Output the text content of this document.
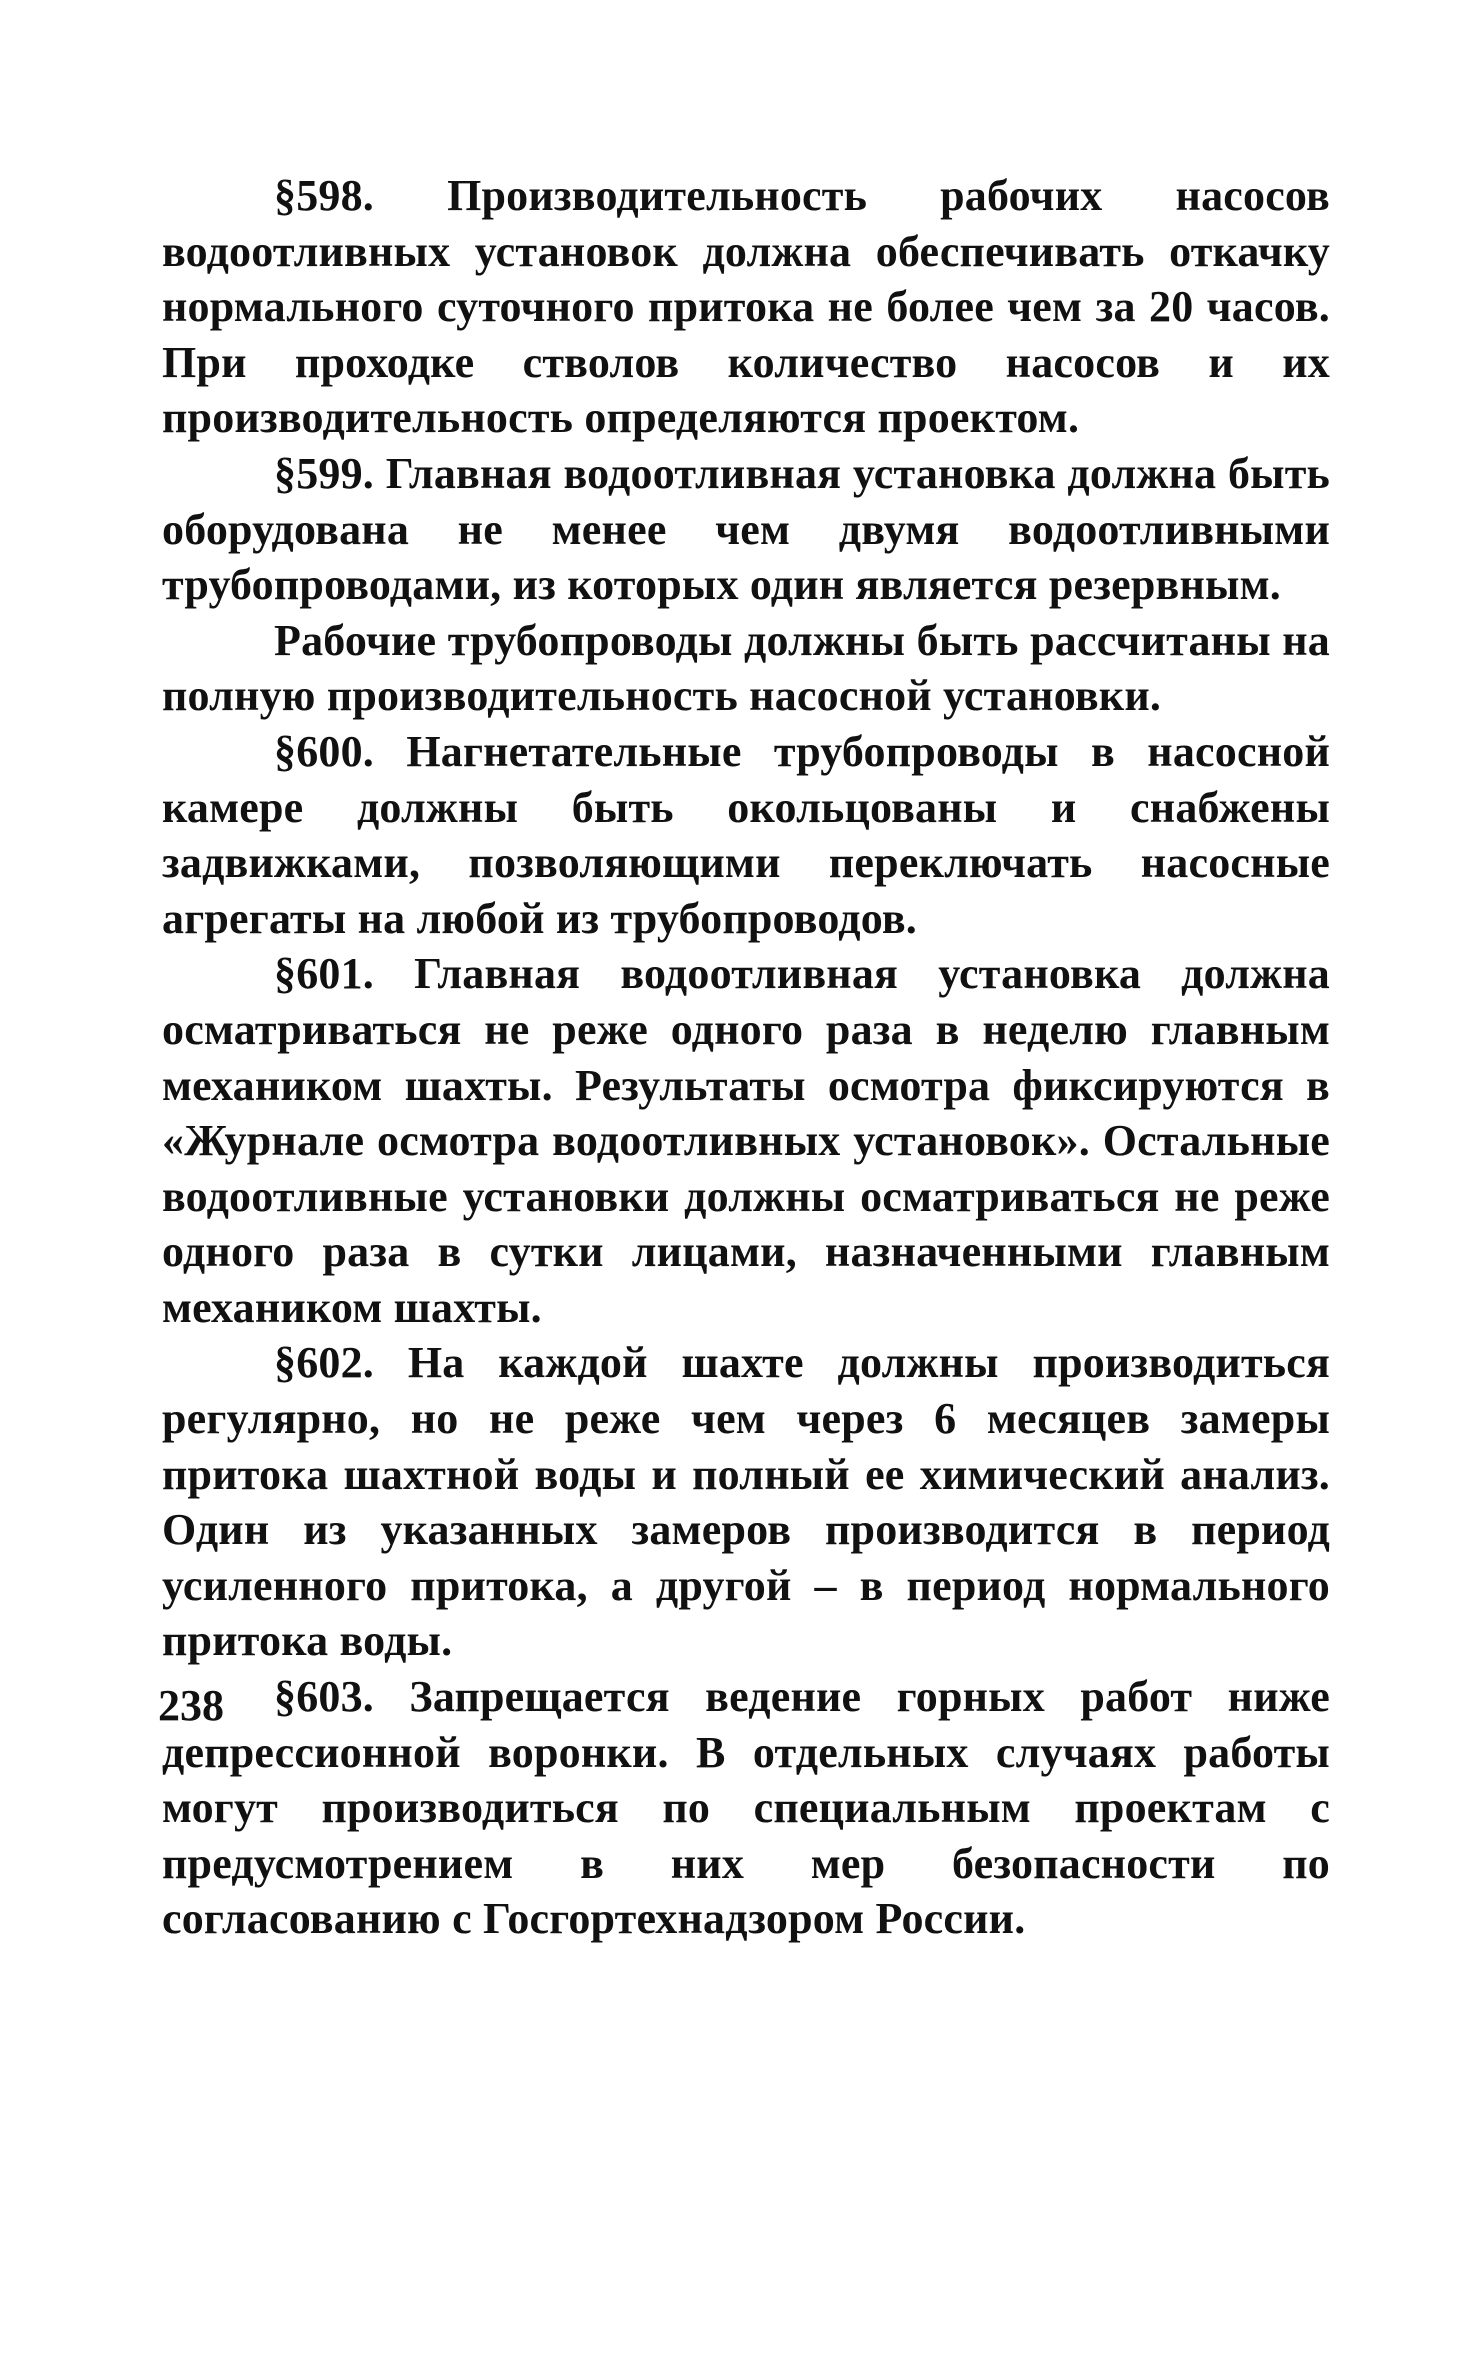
§598. Производительность рабочих насосов водоотливных установок должна обеспечивать откачку нормального суточного притока не более чем за 20 часов. При проходке стволов количество насосов и их производительность определяются проектом.

§599. Главная водоотливная установка должна быть оборудована не менее чем двумя водоотливными трубопроводами, из которых один является резервным.

Рабочие трубопроводы должны быть рассчитаны на полную производительность насосной установки.

§600. Нагнетательные трубопроводы в насосной камере должны быть окольцованы и снабжены задвижками, позволяющими переключать насосные агрегаты на любой из трубопроводов.

§601. Главная водоотливная установка должна осматриваться не реже одного раза в неделю главным механиком шахты. Результаты осмотра фиксируются в «Журнале осмотра водоотливных установок». Остальные водоотливные установки должны осматриваться не реже одного раза в сутки лицами, назначенными главным механиком шахты.

§602. На каждой шахте должны производиться регулярно, но не реже чем через 6 месяцев замеры притока шахтной воды и полный ее химический анализ. Один из указанных замеров производится в период усиленного притока, а другой – в период нормального притока воды.

§603. Запрещается ведение горных работ ниже депрессионной воронки. В отдельных случаях работы могут производиться по специальным проектам с предусмотрением в них мер безопасности по согласованию с Госгортехнадзором России.

238
